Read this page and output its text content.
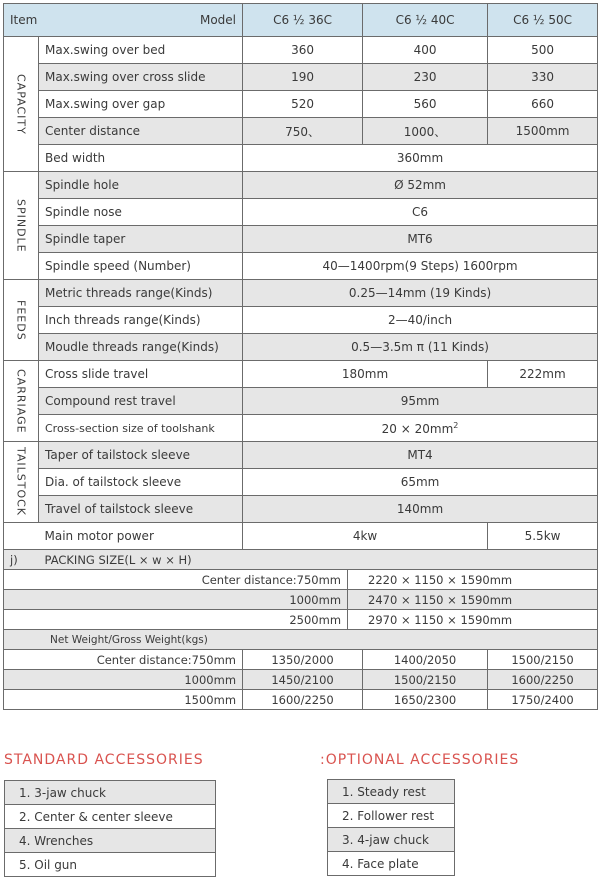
Item Model		C6 ½ 36C		C6 ½ 40C	C6 ½ 50C

CAPACITY	Max.swing over bed	360		400	500
	Max.swing over cross slide	190		230	330
	Max.swing over gap	520		560	660
	Center distance	750、		1000、	1500mm
	Bed width	360mm			

SPINDLE	Spindle hole	Ø 52mm			
	Spindle nose	C6			
	Spindle taper	MT6			
	Spindle speed (Number)	40—1400rpm(9 Steps) 1600rpm			

FEEDS	Metric threads range(Kinds)	0.25—14mm (19 Kinds)			
	Inch threads range(Kinds)	2—40/inch			
	Moudle threads range(Kinds)	0.5—3.5m π (11 Kinds)			

CARRIAGE	Cross slide travel	180mm			222mm
	Compound rest travel	95mm			
	Cross-section size of toolshank	$20 \times 20mm^2$

TAILSTOCK	Taper of tailstock sleeve	MT4			
	Dia. of tailstock sleeve	65mm			
	Travel of tailstock sleeve	140mm			
	Main motor power	4kw			5.5kw
j)	PACKING SIZE(L × w × H)				
Center distance:750mm			2220 × 1150 × 1590mm		
1000mm			2470 × 1150 × 1590mm		
2500mm			2970 × 1150 × 1590mm		
Net Weight/Gross Weight(kgs)					
Center distance:750mm		1350/2000		1400/2050	1500/2150
1000mm		1450/2100		1500/2150	1600/2250
1500mm		1600/2250		1650/2300	1750/2400
STANDARD ACCESSORIES
1. 3-jaw chuck
2. Center & center sleeve
4. Wrenches
5. Oil gun
:OPTIONAL ACCESSORIES
1. Steady rest
2. Follower rest
3. 4-jaw chuck
4. Face plate
